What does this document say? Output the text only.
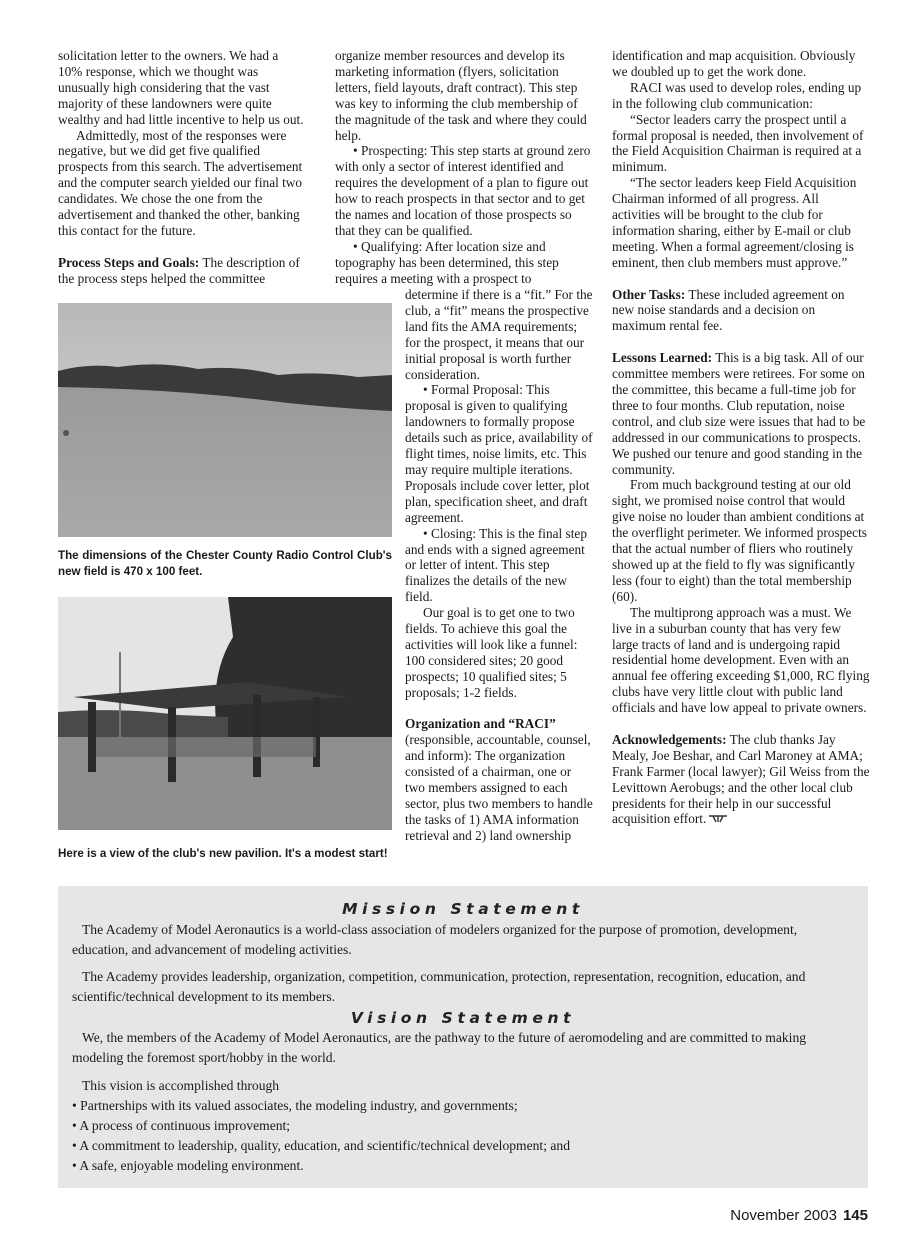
solicitation letter to the owners. We had a 10% response, which we thought was unusually high considering that the vast majority of these landowners were quite wealthy and had little incentive to help us out.

Admittedly, most of the responses were negative, but we did get five qualified prospects from this search. The advertisement and the computer search yielded our final two candidates. We chose the one from the advertisement and thanked the other, banking this contact for the future.

Process Steps and Goals: The description of the process steps helped the committee

The dimensions of the Chester County Radio Control Club's new field is 470 x 100 feet.
Here is a view of the club's new pavilion. It's a modest start!

organize member resources and develop its marketing information (flyers, solicitation letters, field layouts, draft contract). This step was key to informing the club membership of the magnitude of the task and where they could help.

• Prospecting: This step starts at ground zero with only a sector of interest identified and requires the development of a plan to figure out how to reach prospects in that sector and to get the names and location of those prospects so that they can be qualified.

• Qualifying: After location size and topography has been determined, this step requires a meeting with a prospect to

determine if there is a “fit.” For the club, a “fit” means the prospective land fits the AMA requirements; for the prospect, it means that our initial proposal is worth further consideration.

• Formal Proposal: This proposal is given to qualifying landowners to formally propose details such as price, availability of flight times, noise limits, etc. This may require multiple iterations. Proposals include cover letter, plot plan, specification sheet, and draft agreement.

• Closing: This is the final step and ends with a signed agreement or letter of intent. This step finalizes the details of the new field.

Our goal is to get one to two fields. To achieve this goal the activities will look like a funnel: 100 considered sites; 20 good prospects; 10 qualified sites; 5 proposals; 1-2 fields.

Organization and “RACI” (responsible, accountable, counsel, and inform): The organization consisted of a chairman, one or two members assigned to each sector, plus two members to handle the tasks of 1) AMA information retrieval and 2) land ownership

identification and map acquisition. Obviously we doubled up to get the work done.

RACI was used to develop roles, ending up in the following club communication:

“Sector leaders carry the prospect until a formal proposal is needed, then involvement of the Field Acquisition Chairman is required at a minimum.

“The sector leaders keep Field Acquisition Chairman informed of all progress. All activities will be brought to the club for information sharing, either by E-mail or club meeting. When a formal agreement/closing is eminent, then club members must approve.”

Other Tasks: These included agreement on new noise standards and a decision on maximum rental fee.

Lessons Learned: This is a big task. All of our committee members were retirees. For some on the committee, this became a full-time job for three to four months. Club reputation, noise control, and club size were issues that had to be addressed in our communications to prospects. We pushed our tenure and good standing in the community.

From much background testing at our old sight, we promised noise control that would give noise no louder than ambient conditions at the overflight perimeter. We informed prospects that the actual number of fliers who routinely showed up at the field to fly was significantly less (four to eight) than the total membership (60).

The multiprong approach was a must. We live in a suburban county that has very few large tracts of land and is undergoing rapid residential home development. Even with an annual fee offering exceeding $1,000, RC flying clubs have very little clout with public land officials and have low appeal to private owners.

Acknowledgements: The club thanks Jay Mealy, Joe Beshar, and Carl Maroney at AMA; Frank Farmer (local lawyer); Gil Weiss from the Levittown Aerobugs; and the other local club presidents for their help in our successful acquisition effort.

Mission Statement

The Academy of Model Aeronautics is a world-class association of modelers organized for the purpose of promotion, development, education, and advancement of modeling activities.

The Academy provides leadership, organization, competition, communication, protection, representation, recognition, education, and scientific/technical development to its members.

Vision Statement

We, the members of the Academy of Model Aeronautics, are the pathway to the future of aeromodeling and are committed to making modeling the foremost sport/hobby in the world.

This vision is accomplished through

• Partnerships with its valued associates, the modeling industry, and governments;
• A process of continuous improvement;
• A commitment to leadership, quality, education, and scientific/technical development; and
• A safe, enjoyable modeling environment.
November 2003 145
